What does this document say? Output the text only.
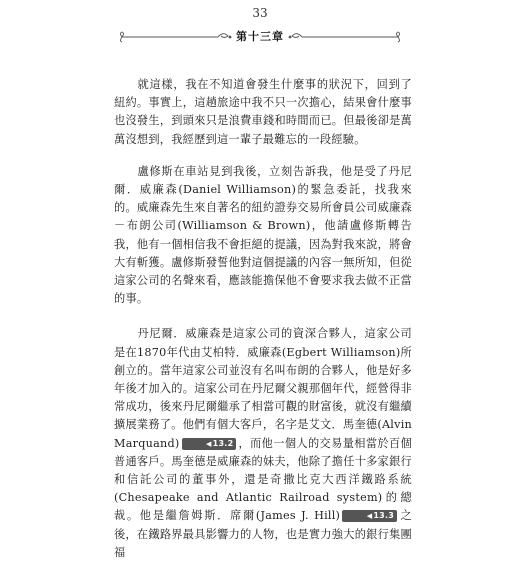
33
第十三章

就這樣，我在不知道會發生什麼事的狀況下，回到了紐約。事實上，這趟旅途中我不只一次擔心，結果會什麼事也沒發生，到頭來只是浪費車錢和時間而已。但最後卻是萬萬沒想到，我經歷到這一輩子最難忘的一段經驗。

盧修斯在車站見到我後，立刻告訴我，他是受了丹尼爾．威廉森(Daniel Williamson)的緊急委託，找我來的。威廉森先生來自著名的紐約證券交易所會員公司威廉森－布朗公司(Williamson & Brown)，他請盧修斯轉告我，他有一個相信我不會拒絕的提議，因為對我來說，將會大有斬獲。盧修斯發誓他對這個提議的內容一無所知，但從這家公司的名聲來看，應該能擔保他不會要求我去做不正當的事。

丹尼爾．威廉森是這家公司的資深合夥人，這家公司是在1870年代由艾柏特．威廉森(Egbert Williamson)所創立的。當年這家公司並沒有名叫布朗的合夥人，他是好多年後才加入的。這家公司在丹尼爾父親那個年代，經營得非常成功，後來丹尼爾繼承了相當可觀的財富後，就沒有繼續擴展業務了。他們有個大客戶，名字是艾文．馬奎德(Alvin Marquand)	◀13.2 ，而他一個人的交易量相當於百個普通客戶。馬奎德是威廉森的妹夫，他除了擔任十多家銀行和信託公司的董事外，還是奇撒比克大西洋鐵路系統(Chesapeake and Atlantic Railroad system)的總裁。他是繼詹姆斯．席爾(James J. Hill)	◀13.3 之後，在鐵路界最具影響力的人物，也是實力強大的銀行集團福
